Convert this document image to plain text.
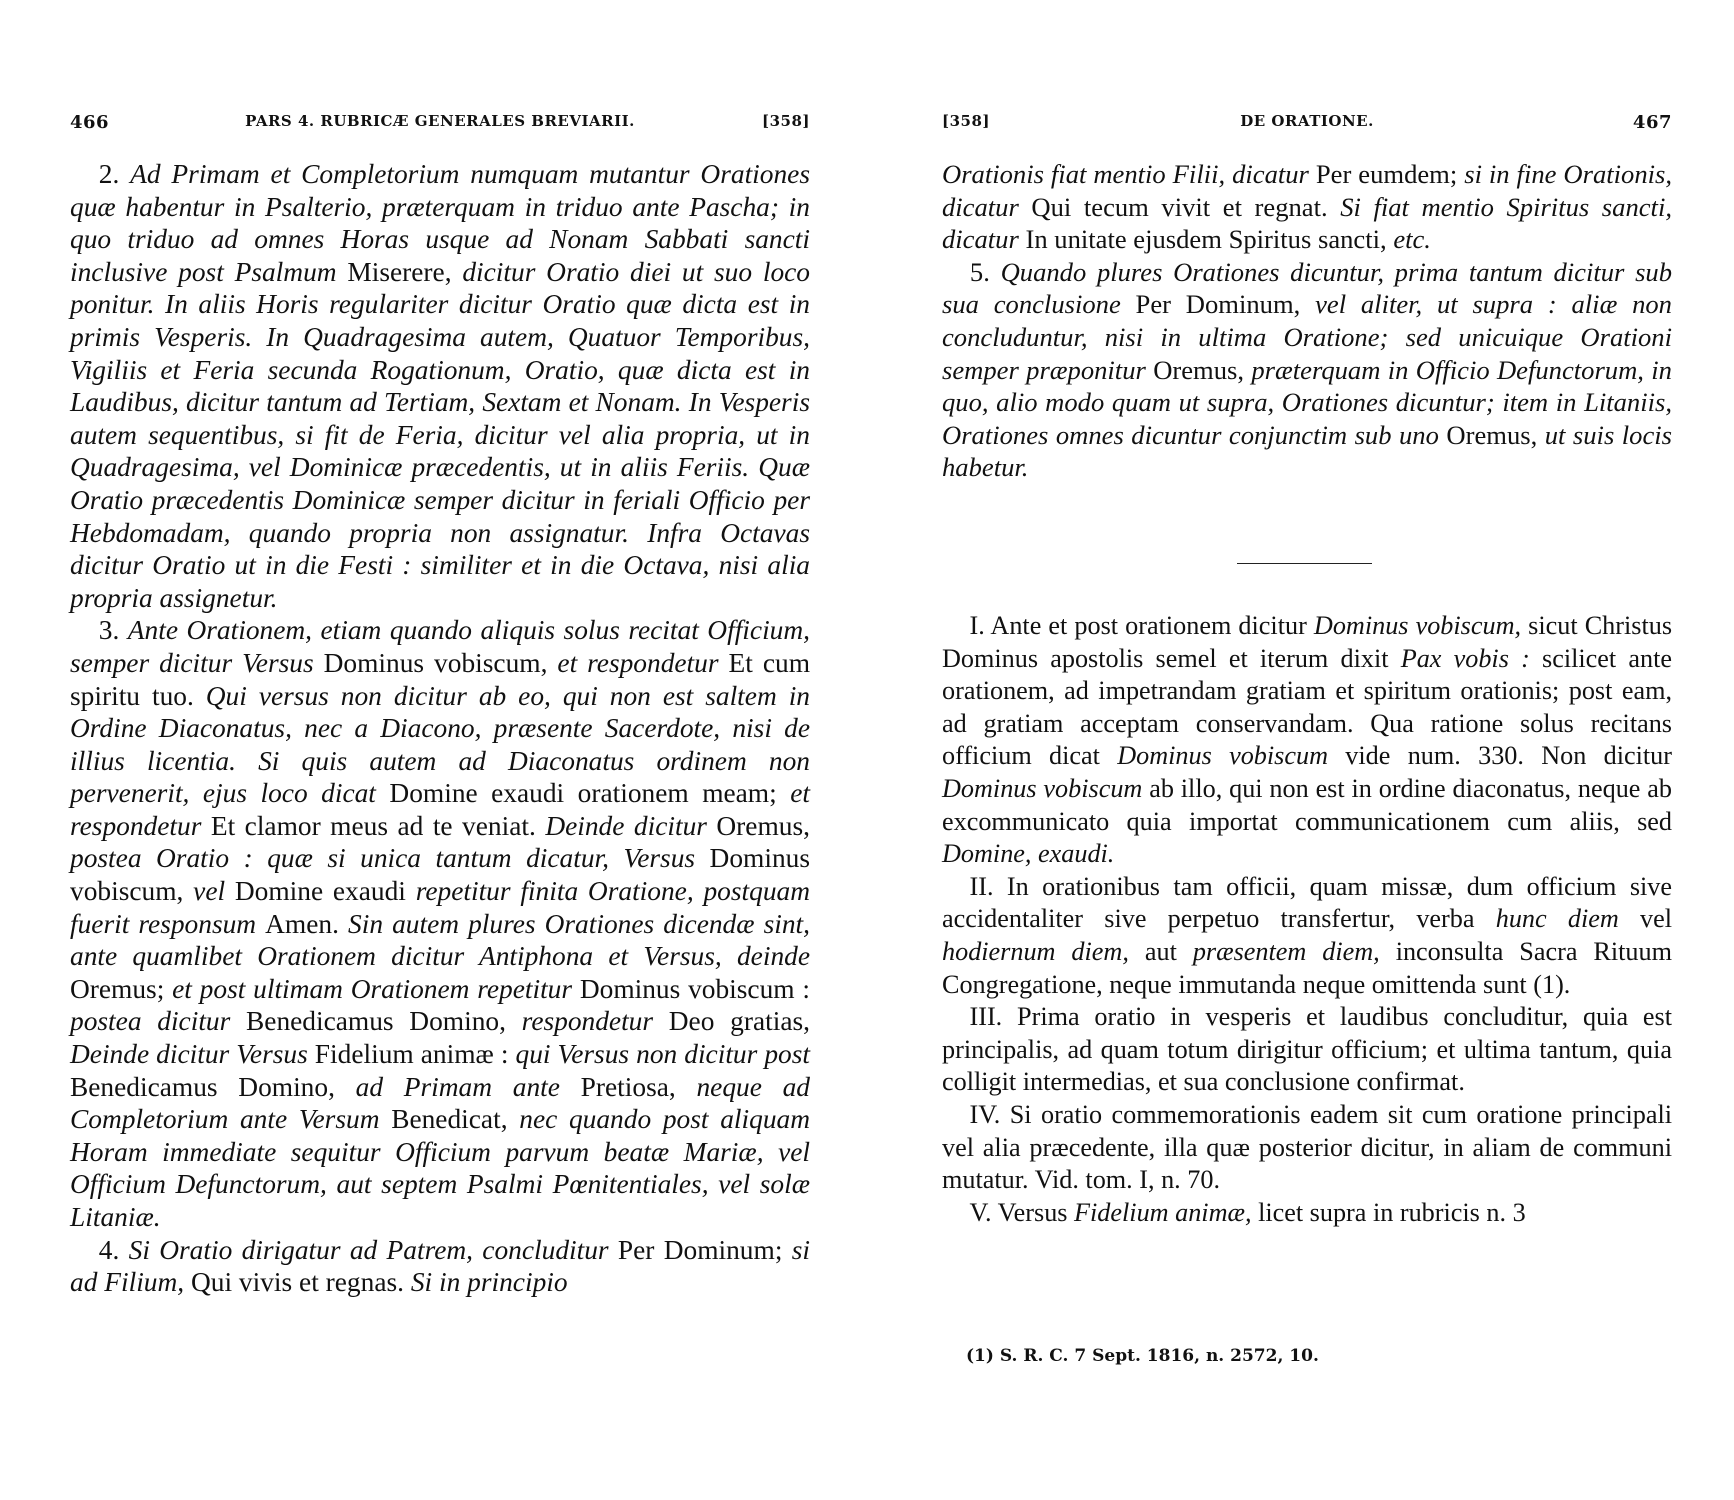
466	PARS 4. RUBRICÆ GENERALES BREVIARII.	[358]

2. Ad Primam et Completorium numquam mutantur Orationes quæ habentur in Psalterio, præterquam in triduo ante Pascha; in quo triduo ad omnes Horas usque ad Nonam Sabbati sancti inclusive post Psalmum Miserere, dicitur Oratio diei ut suo loco ponitur. In aliis Horis regulariter dicitur Oratio quæ dicta est in primis Vesperis. In Quadragesima autem, Quatuor Temporibus, Vigiliis et Feria secunda Rogationum, Oratio, quæ dicta est in Laudibus, dicitur tantum ad Tertiam, Sextam et Nonam. In Vesperis autem sequentibus, si fit de Feria, dicitur vel alia propria, ut in Quadragesima, vel Dominicæ præcedentis, ut in aliis Feriis. Quæ Oratio præcedentis Dominicæ semper dicitur in feriali Officio per Hebdomadam, quando propria non assignatur. Infra Octavas dicitur Oratio ut in die Festi : similiter et in die Octava, nisi alia propria assignetur.

3. Ante Orationem, etiam quando aliquis solus recitat Officium, semper dicitur Versus Dominus vobiscum, et respondetur Et cum spiritu tuo. Qui versus non dicitur ab eo, qui non est saltem in Ordine Diaconatus, nec a Diacono, præsente Sacerdote, nisi de illius licentia. Si quis autem ad Diaconatus ordinem non pervenerit, ejus loco dicat Domine exaudi orationem meam; et respondetur Et clamor meus ad te veniat. Deinde dicitur Oremus, postea Oratio : quæ si unica tantum dicatur, Versus Dominus vobiscum, vel Domine exaudi repetitur finita Oratione, postquam fuerit responsum Amen. Sin autem plures Orationes dicendæ sint, ante quamlibet Orationem dicitur Antiphona et Versus, deinde Oremus; et post ultimam Orationem repetitur Dominus vobiscum : postea dicitur Benedicamus Domino, respondetur Deo gratias, Deinde dicitur Versus Fidelium animæ : qui Versus non dicitur post Benedicamus Domino, ad Primam ante Pretiosa, neque ad Completorium ante Versum Benedicat, nec quando post aliquam Horam immediate sequitur Officium parvum beatæ Mariæ, vel Officium Defunctorum, aut septem Psalmi Pœnitentiales, vel solæ Litaniæ.

4. Si Oratio dirigatur ad Patrem, concluditur Per Dominum; si ad Filium, Qui vivis et regnas. Si in principio

[358]	DE ORATIONE.	467

Orationis fiat mentio Filii, dicatur Per eumdem; si in fine Orationis, dicatur Qui tecum vivit et regnat. Si fiat mentio Spiritus sancti, dicatur In unitate ejusdem Spiritus sancti, etc.

5. Quando plures Orationes dicuntur, prima tantum dicitur sub sua conclusione Per Dominum, vel aliter, ut supra : aliæ non concluduntur, nisi in ultima Oratione; sed unicuique Orationi semper præponitur Oremus, præterquam in Officio Defunctorum, in quo, alio modo quam ut supra, Orationes dicuntur; item in Litaniis, Orationes omnes dicuntur conjunctim sub uno Oremus, ut suis locis habetur.

I. Ante et post orationem dicitur Dominus vobiscum, sicut Christus Dominus apostolis semel et iterum dixit Pax vobis : scilicet ante orationem, ad impetrandam gratiam et spiritum orationis; post eam, ad gratiam acceptam conservandam. Qua ratione solus recitans officium dicat Dominus vobiscum vide num. 330. Non dicitur Dominus vobiscum ab illo, qui non est in ordine diaconatus, neque ab excommunicato quia importat communicationem cum aliis, sed Domine, exaudi.

II. In orationibus tam officii, quam missæ, dum officium sive accidentaliter sive perpetuo transfertur, verba hunc diem vel hodiernum diem, aut præsentem diem, inconsulta Sacra Rituum Congregatione, neque immutanda neque omittenda sunt (1).

III. Prima oratio in vesperis et laudibus concluditur, quia est principalis, ad quam totum dirigitur officium; et ultima tantum, quia colligit intermedias, et sua conclusione confirmat.

IV. Si oratio commemorationis eadem sit cum oratione principali vel alia præcedente, illa quæ posterior dicitur, in aliam de communi mutatur. Vid. tom. I, n. 70.

V. Versus Fidelium animæ, licet supra in rubricis n. 3

(1) S. R. C. 7 Sept. 1816, n. 2572, 10.
